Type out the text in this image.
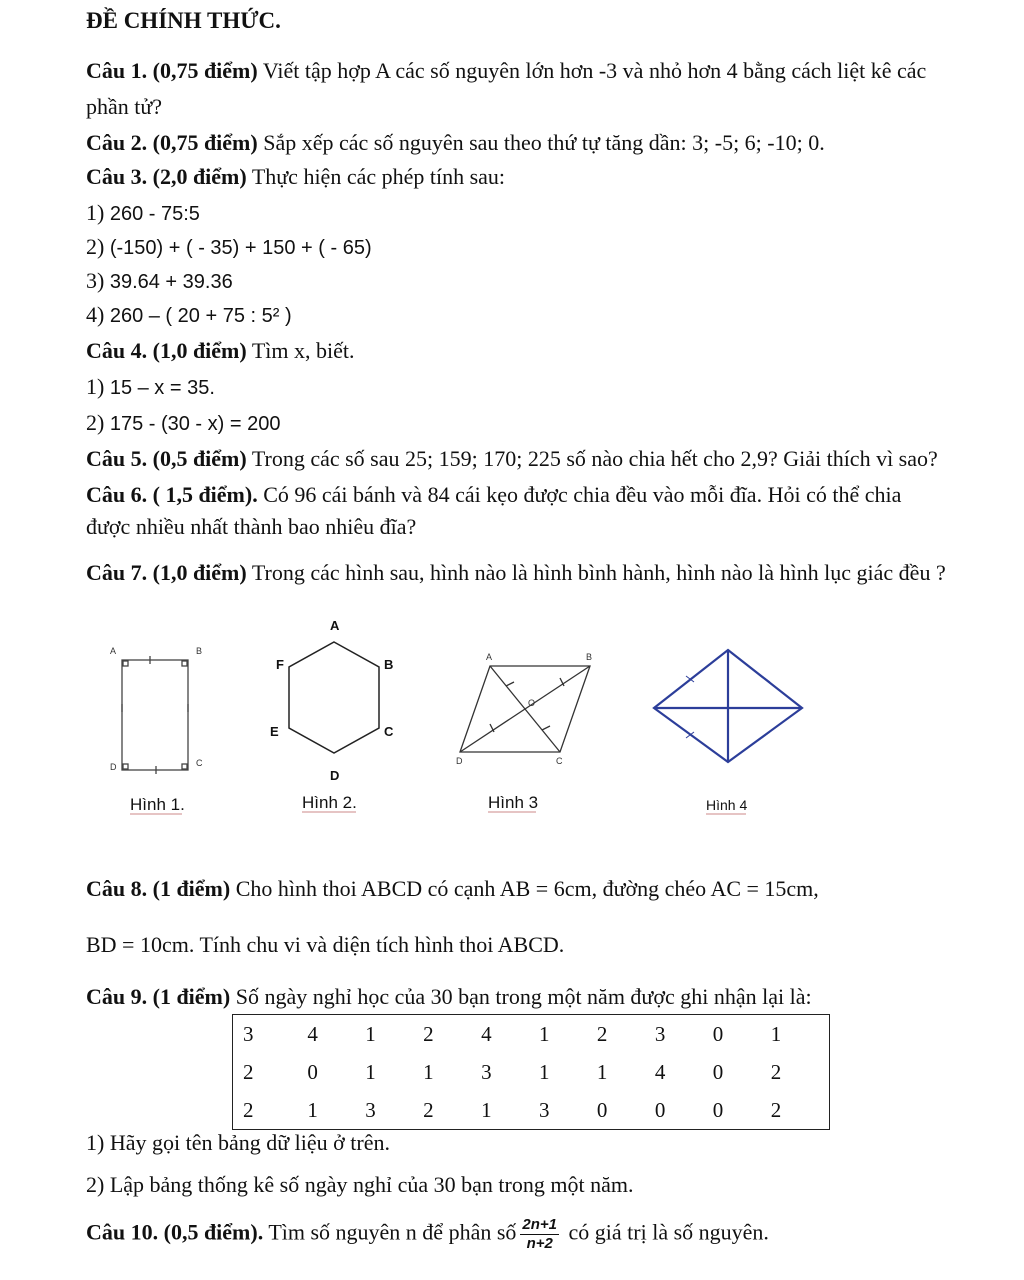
ĐỀ CHÍNH THỨC.
Câu 1. (0,75 điểm) Viết tập hợp A các số nguyên lớn hơn -3 và nhỏ hơn 4 bằng cách liệt kê các
phần tử?
Câu 2. (0,75 điểm) Sắp xếp các số nguyên sau theo thứ tự tăng dần: 3; -5; 6; -10; 0.
Câu 3. (2,0 điểm) Thực hiện các phép tính sau:
1) 260 - 75:5
2) (-150) + ( - 35) + 150 + ( - 65)
3) 39.64 + 39.36
4) 260 – ( 20 + 75 : 5² )
Câu 4. (1,0 điểm) Tìm x, biết.
1) 15 – x = 35.
2) 175 - (30 - x) = 200
Câu 5. (0,5 điểm) Trong các số sau 25; 159; 170; 225 số nào chia hết cho 2,9? Giải thích vì sao?
Câu 6. ( 1,5 điểm). Có 96 cái bánh và 84 cái kẹo được chia đều vào mỗi đĩa. Hỏi có thể chia
được nhiều nhất thành bao nhiêu đĩa?
Câu 7. (1,0 điểm) Trong các hình sau, hình nào là hình bình hành, hình nào là hình lục giác đều ?
A	B
C
D
A
B
C
D
E
F	A	B
C
D
O
Hình 1.	Hình 2.	Hình 3	Hình 4
Câu 8. (1 điểm) Cho hình thoi ABCD có cạnh AB = 6cm, đường chéo AC = 15cm,
BD = 10cm. Tính chu vi và diện tích hình thoi ABCD.
Câu 9. (1 điểm) Số ngày nghỉ học của 30 bạn trong một năm được ghi nhận lại là:
3	4	1	2	4	1	2	3	0	1
2	0	1	1	3	1	1	4	0	2
2	1	3	2	1	3	0	0	0	2
1) Hãy gọi tên bảng dữ liệu ở trên.
2) Lập bảng thống kê số ngày nghỉ của 30 bạn trong một năm.
Câu 10. (0,5 điểm). Tìm số nguyên n để phân số $\frac{2n+1}{n+2}$ có giá trị là số nguyên.
